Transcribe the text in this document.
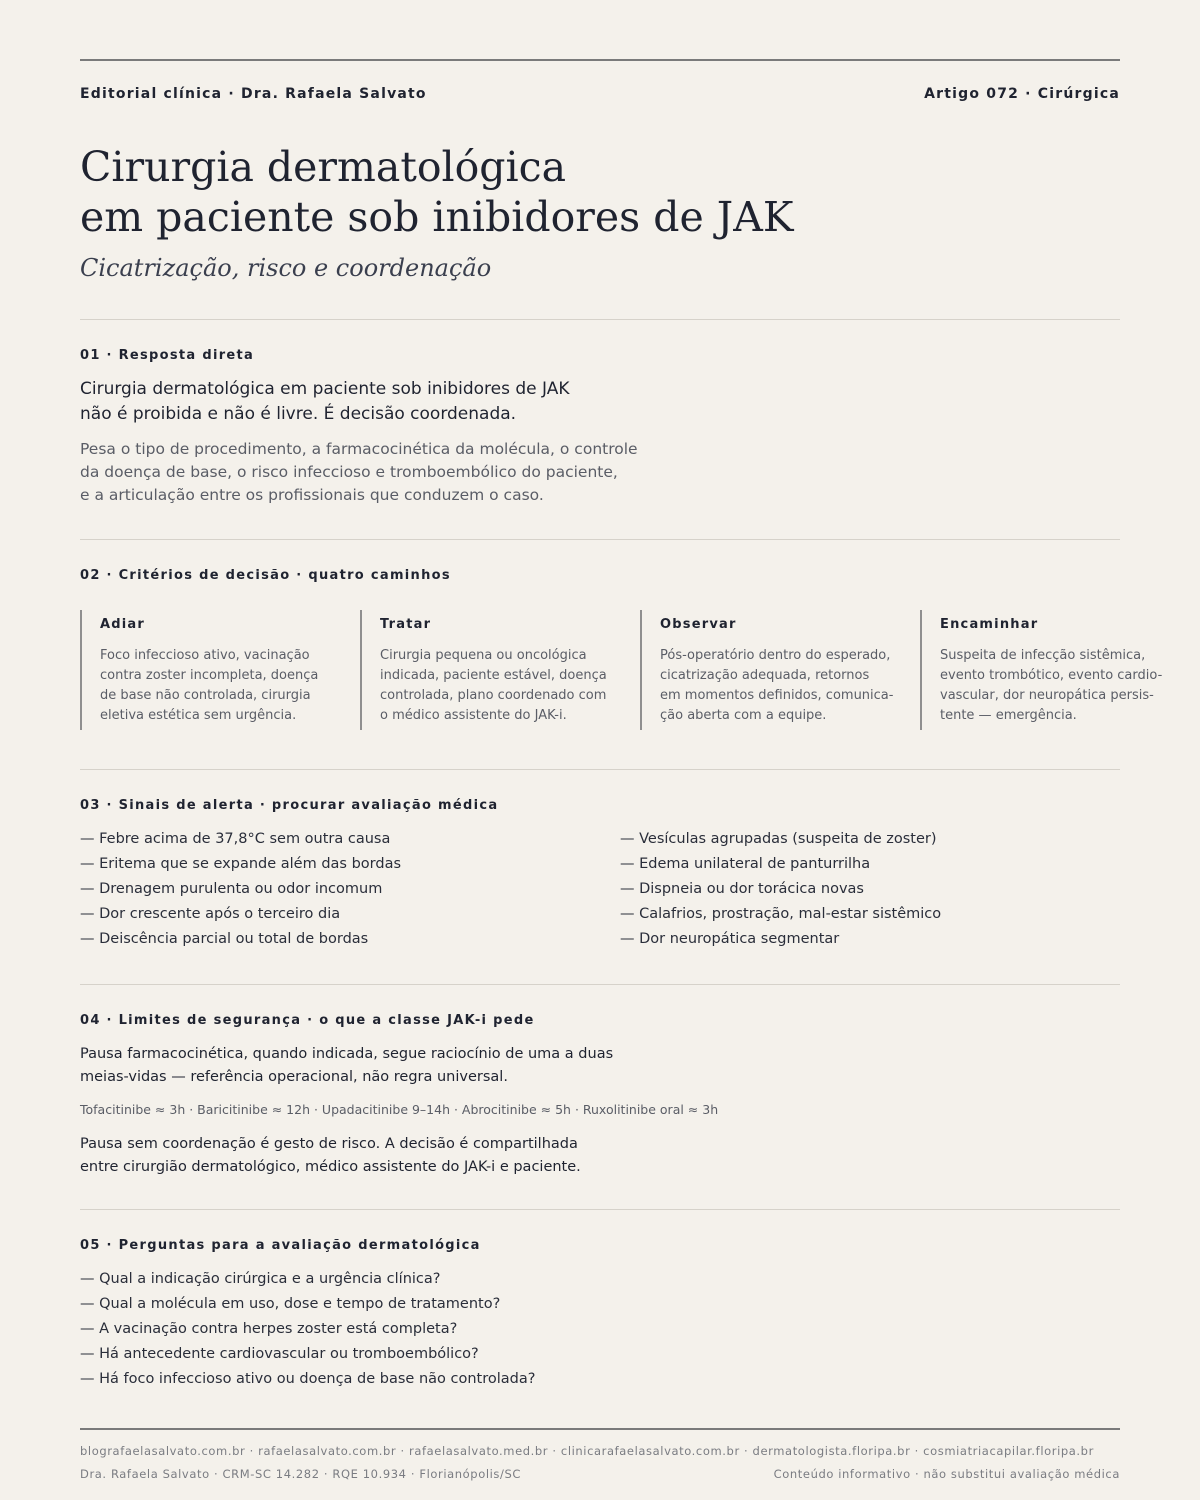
Editorial clínica · Dra. Rafaela Salvato	Artigo 072 · Cirúrgica
Cirurgia dermatológica
em paciente sob inibidores de JAK
Cicatrização, risco e coordenação
01 · Resposta direta
Cirurgia dermatológica em paciente sob inibidores de JAK
não é proibida e não é livre. É decisão coordenada.
Pesa o tipo de procedimento, a farmacocinética da molécula, o controle
da doença de base, o risco infeccioso e tromboembólico do paciente,
e a articulação entre os profissionais que conduzem o caso.
02 · Critérios de decisão · quatro caminhos
Adiar
Foco infeccioso ativo, vacinação
contra zoster incompleta, doença
de base não controlada, cirurgia
eletiva estética sem urgência.
Tratar
Cirurgia pequena ou oncológica
indicada, paciente estável, doença
controlada, plano coordenado com
o médico assistente do JAK-i.
Observar
Pós-operatório dentro do esperado,
cicatrização adequada, retornos
em momentos definidos, comunica-
ção aberta com a equipe.
Encaminhar
Suspeita de infecção sistêmica,
evento trombótico, evento cardio-
vascular, dor neuropática persis-
tente — emergência.
03 · Sinais de alerta · procurar avaliação médica
— Febre acima de 37,8°C sem outra causa
— Eritema que se expande além das bordas
— Drenagem purulenta ou odor incomum
— Dor crescente após o terceiro dia
— Deiscência parcial ou total de bordas
— Vesículas agrupadas (suspeita de zoster)
— Edema unilateral de panturrilha
— Dispneia ou dor torácica novas
— Calafrios, prostração, mal-estar sistêmico
— Dor neuropática segmentar
04 · Limites de segurança · o que a classe JAK-i pede
Pausa farmacocinética, quando indicada, segue raciocínio de uma a duas
meias-vidas — referência operacional, não regra universal.
Tofacitinibe ≈ 3h · Baricitinibe ≈ 12h · Upadacitinibe 9–14h · Abrocitinibe ≈ 5h · Ruxolitinibe oral ≈ 3h
Pausa sem coordenação é gesto de risco. A decisão é compartilhada
entre cirurgião dermatológico, médico assistente do JAK-i e paciente.
05 · Perguntas para a avaliação dermatológica
— Qual a indicação cirúrgica e a urgência clínica?
— Qual a molécula em uso, dose e tempo de tratamento?
— A vacinação contra herpes zoster está completa?
— Há antecedente cardiovascular ou tromboembólico?
— Há foco infeccioso ativo ou doença de base não controlada?
blografaelasalvato.com.br · rafaelasalvato.com.br · rafaelasalvato.med.br · clinicarafaelasalvato.com.br · dermatologista.floripa.br · cosmiatriacapilar.floripa.br
Dra. Rafaela Salvato · CRM-SC 14.282 · RQE 10.934 · Florianópolis/SC	Conteúdo informativo · não substitui avaliação médica
